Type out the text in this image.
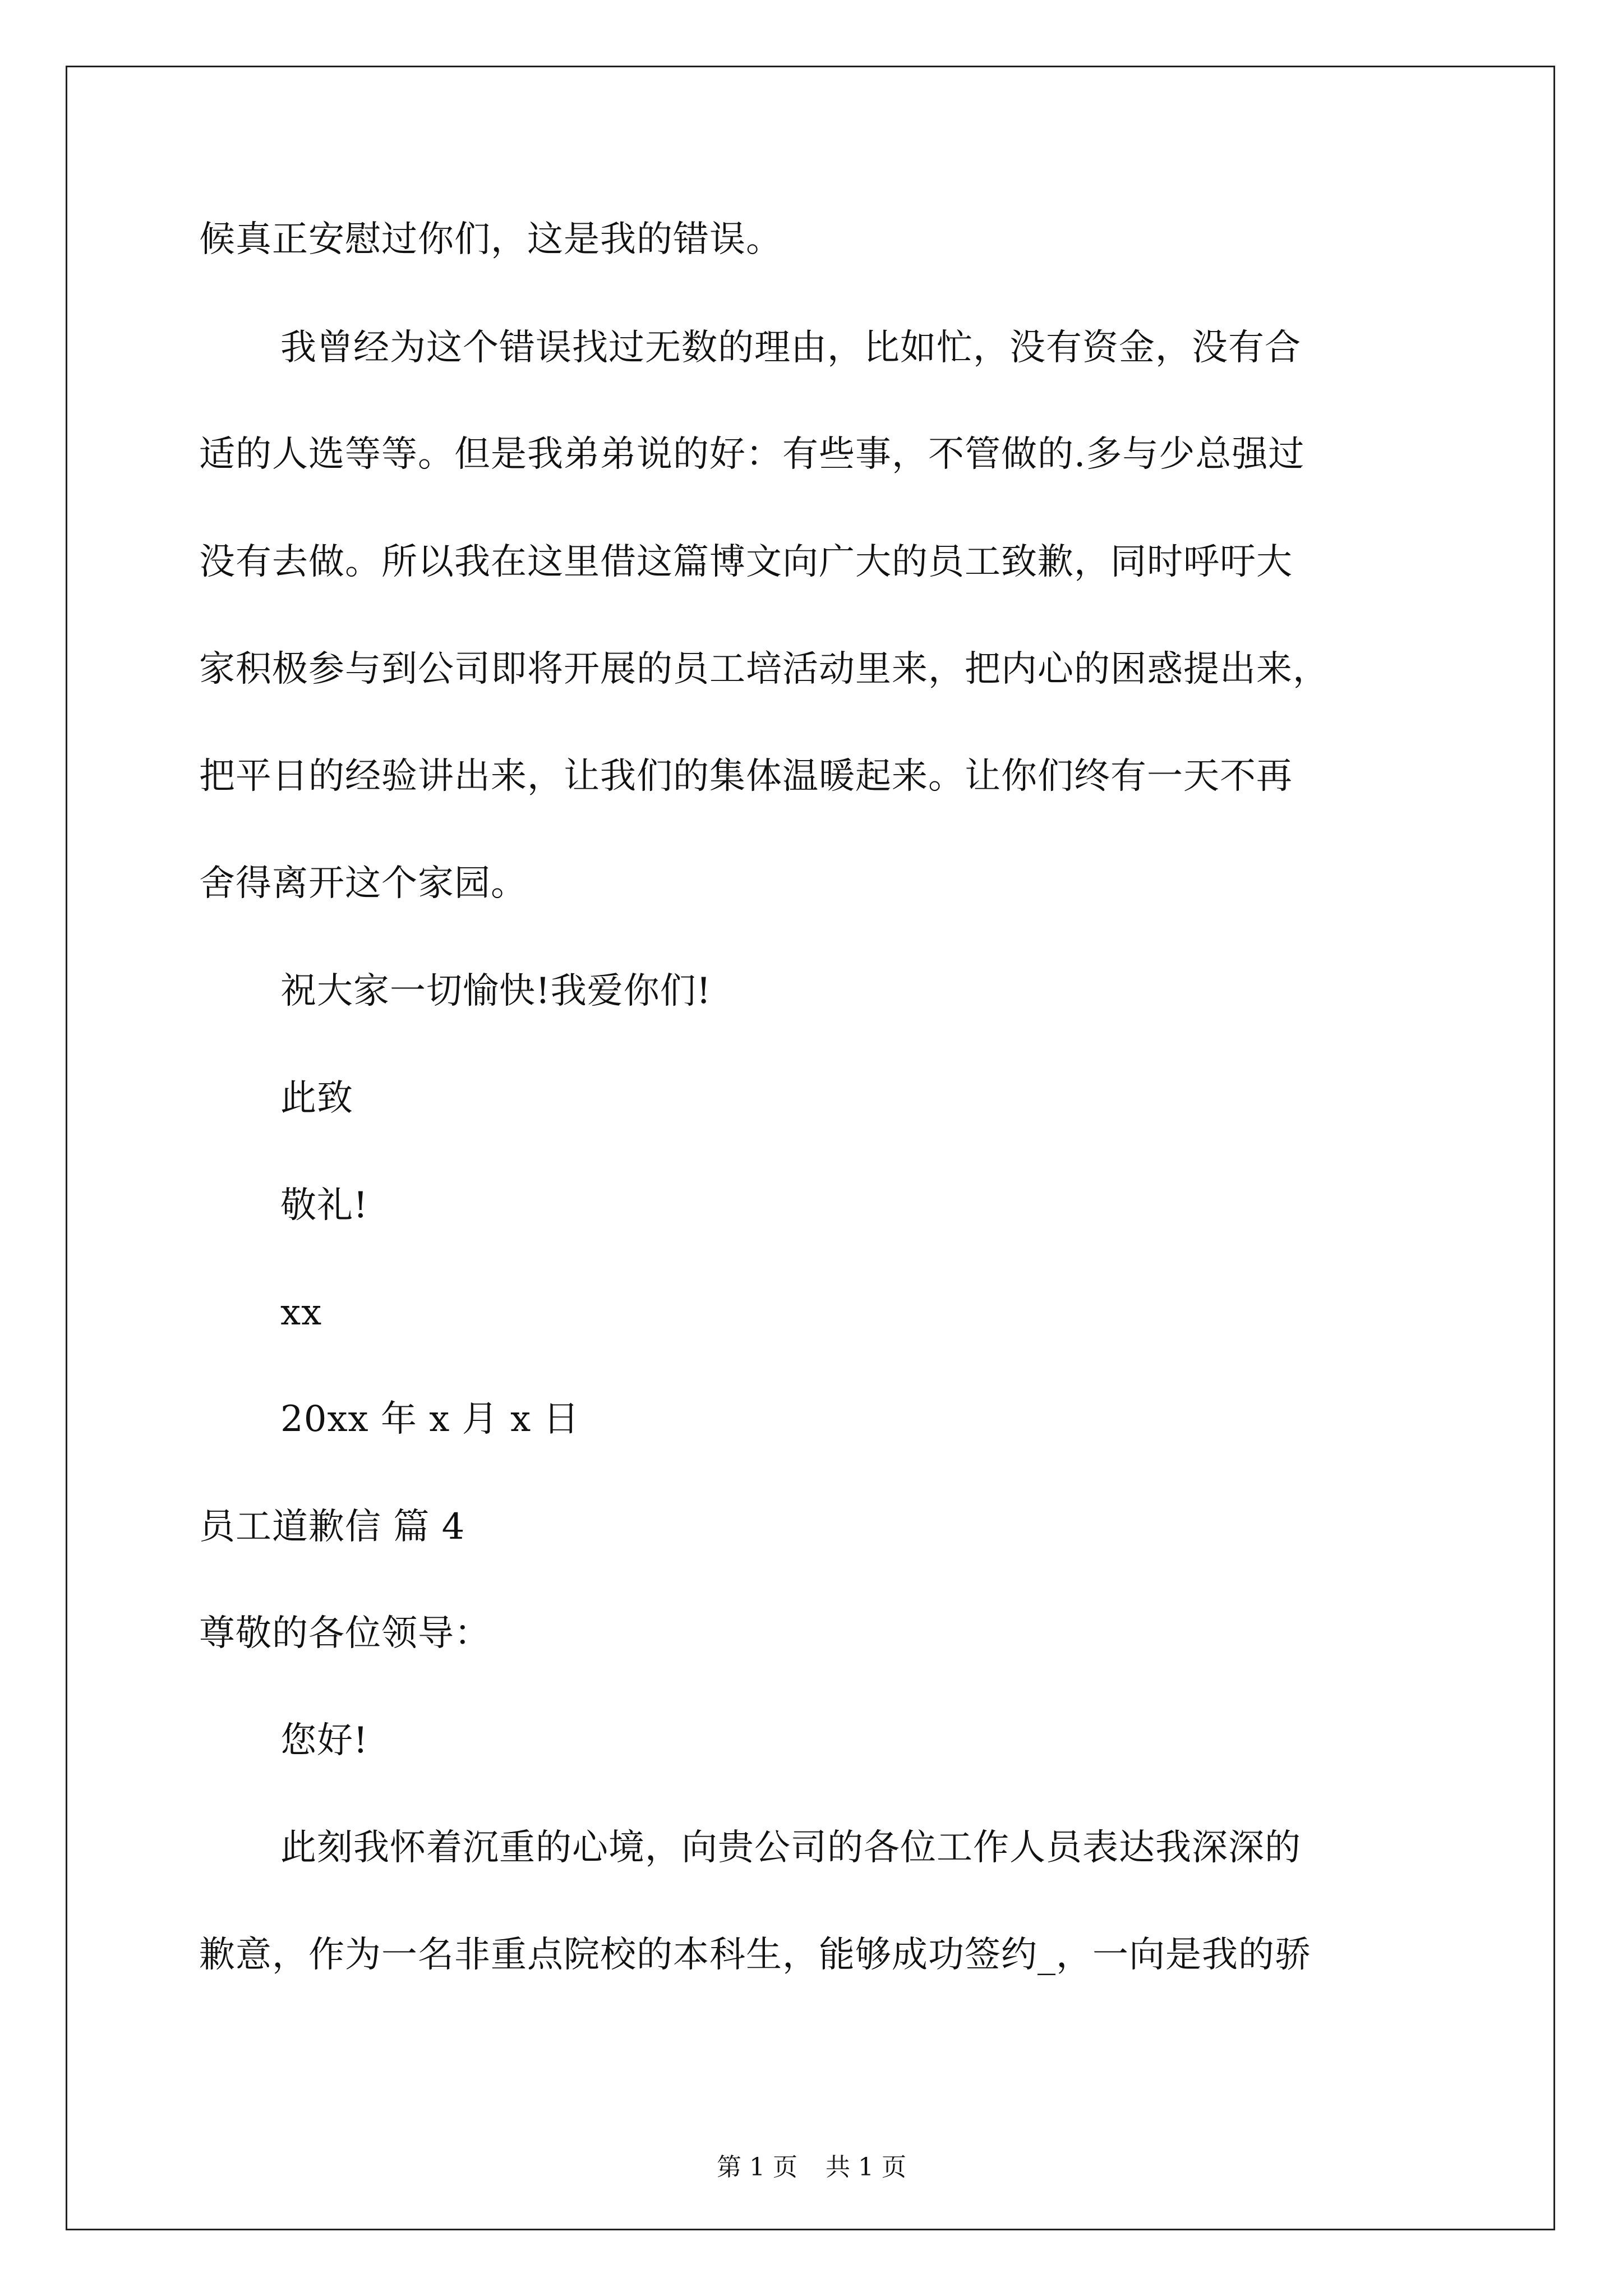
候真正安慰过你们，这是我的错误。
我曾经为这个错误找过无数的理由，比如忙，没有资金，没有合
适的人选等等。但是我弟弟说的好：有些事，不管做的.多与少总强过
没有去做。所以我在这里借这篇博文向广大的员工致歉，同时呼吁大
家积极参与到公司即将开展的员工培活动里来，把内心的困惑提出来，
把平日的经验讲出来，让我们的集体温暖起来。让你们终有一天不再
舍得离开这个家园。
祝大家一切愉快!我爱你们!
此致
敬礼!
xx
20xx 年 x 月 x 日
员工道歉信 篇 4
尊敬的各位领导：
您好!
此刻我怀着沉重的心境，向贵公司的各位工作人员表达我深深的
歉意，作为一名非重点院校的本科生，能够成功签约_，一向是我的骄
第 1 页 共 1 页
